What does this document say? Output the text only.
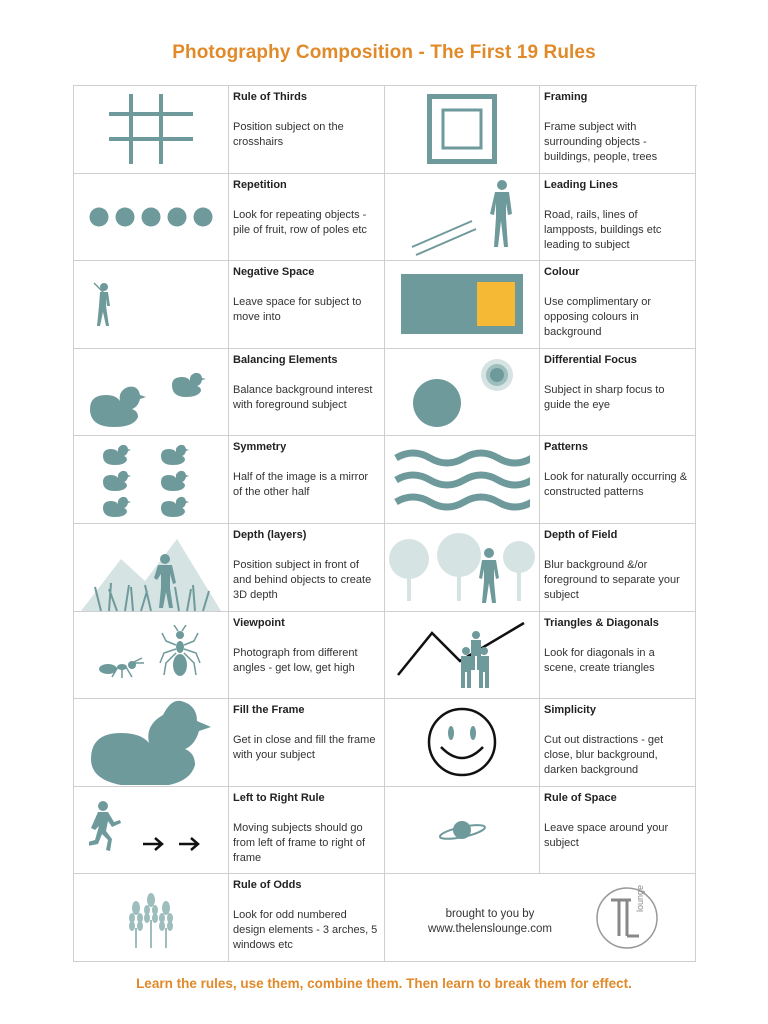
Photography Composition - The First 19 Rules
Rule of Thirds

Position subject on the crosshairs

Framing

Frame subject with surrounding objects - buildings, people, trees

Repetition

Look for repeating objects - pile of fruit, row of poles etc

Leading Lines

Road, rails, lines of lampposts, buildings etc leading to subject

Negative Space

Leave space for subject to move into

Colour

Use complimentary or opposing colours in background

Balancing Elements

Balance background interest with foreground subject

Differential Focus

Subject in sharp focus to guide the eye

Symmetry

Half of the image is a mirror of the other half

Patterns

Look for naturally occurring & constructed patterns

Depth (layers)

Position subject in front of and behind objects to create 3D depth

Depth of Field

Blur background &/or foreground to separate your subject

Viewpoint

Photograph from different angles - get low, get high

Triangles & Diagonals

Look for diagonals in a scene, create triangles

Fill the Frame

Get in close and fill the frame with your subject

Simplicity

Cut out distractions - get close, blur background, darken background

Left to Right Rule

Moving subjects should go from left of frame to right of frame

Rule of Space

Leave space around your subject

Rule of Odds

Look for odd numbered design elements - 3 arches, 5 windows etc

brought to you by
www.thelenslounge.com
lounge
Learn the rules, use them, combine them. Then learn to break them for effect.
